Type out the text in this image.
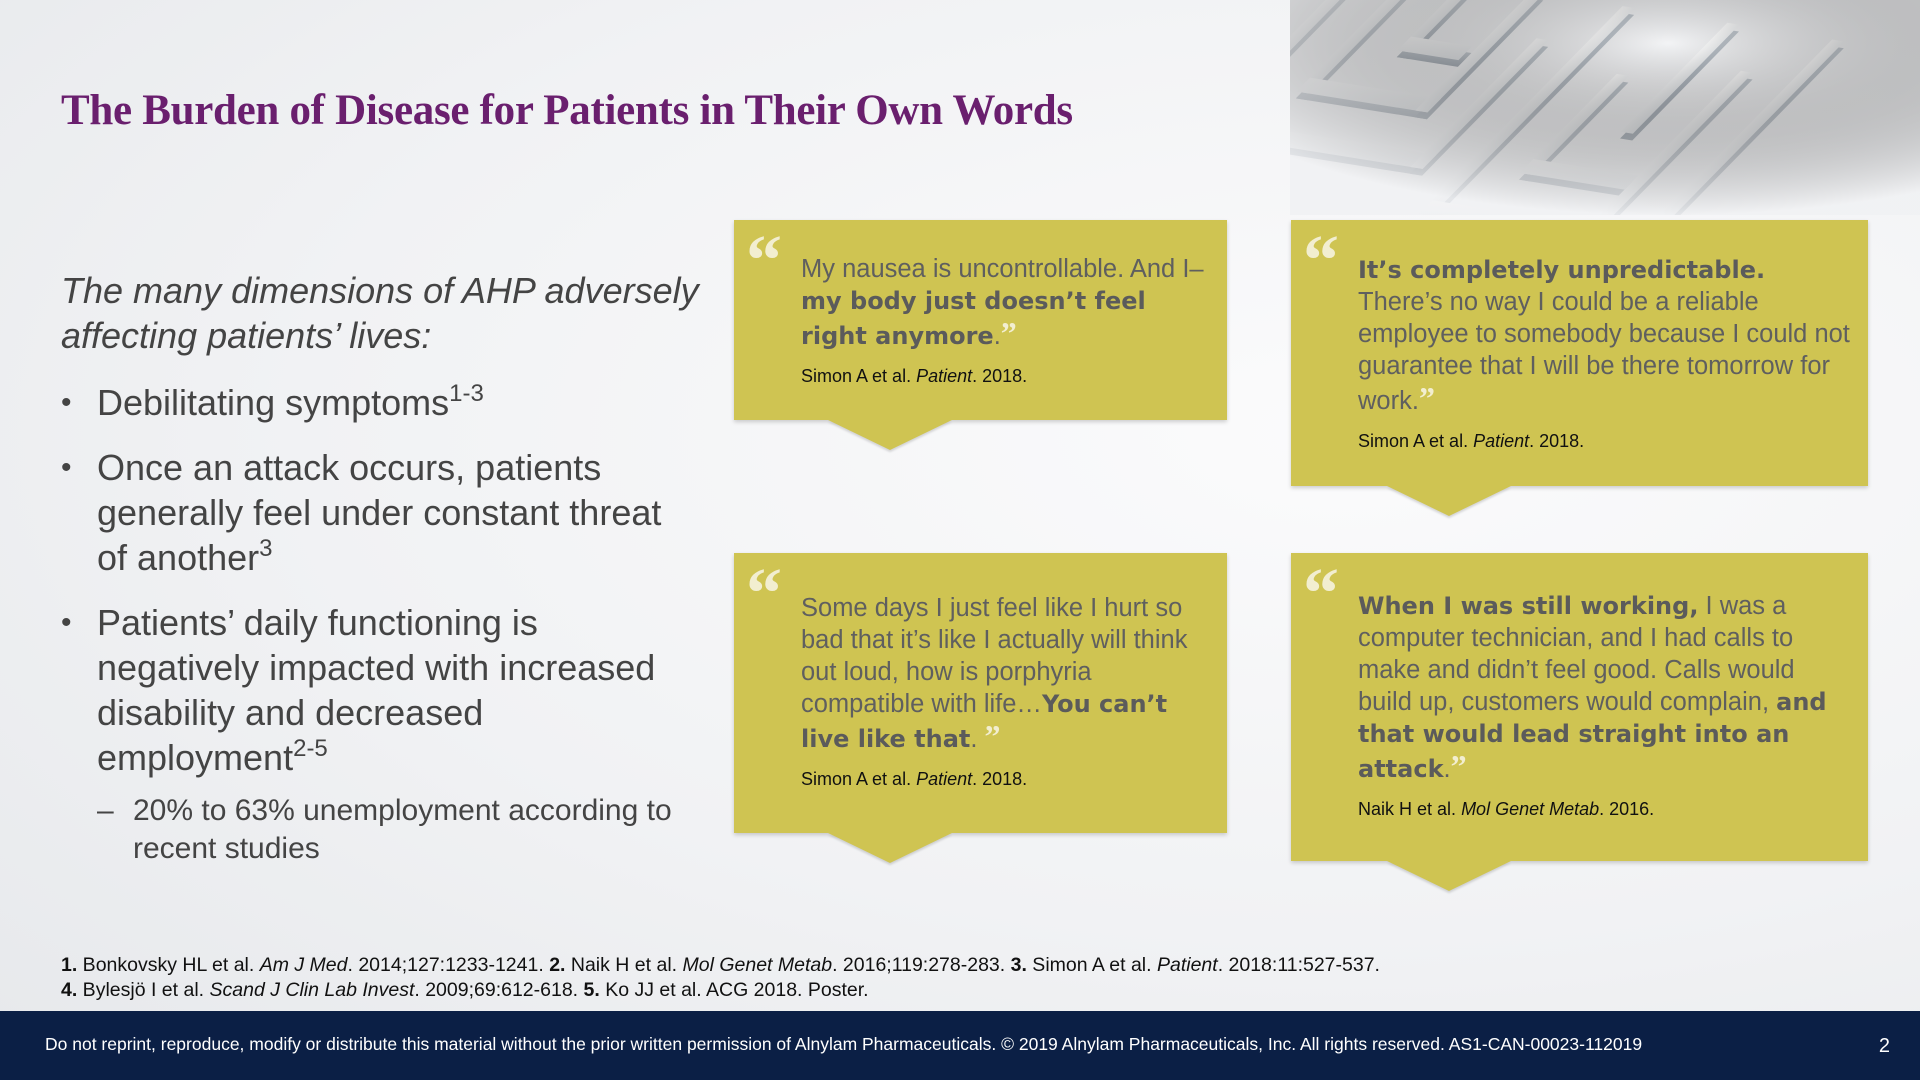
The Burden of Disease for Patients in Their Own Words

The many dimensions of AHP adversely affecting patients’ lives:

• Debilitating symptoms$^{1-3}$
• Once an attack occurs, patients generally feel under constant threat of another$^3$
• Patients’ daily functioning is negatively impacted with increased disability and decreased employment$^{2-5}$
– 20% to 63% unemployment according to recent studies
“ My nausea is uncontrollable. And I–my body just doesn’t feel right anymore.”
Simon A et al. Patient. 2018.
“ It’s completely unpredictable. There’s no way I could be a reliable employee to somebody because I could not guarantee that I will be there tomorrow for work.”
Simon A et al. Patient. 2018.
“ Some days I just feel like I hurt so bad that it’s like I actually will think out loud, how is porphyria compatible with life…You can’t live like that. ”
Simon A et al. Patient. 2018.
“ When I was still working, I was a computer technician, and I had calls to make and didn’t feel good. Calls would build up, customers would complain, and that would lead straight into an attack.”
Naik H et al. Mol Genet Metab. 2016.
1. Bonkovsky HL et al. Am J Med. 2014;127:1233-1241. 2. Naik H et al. Mol Genet Metab. 2016;119:278-283. 3. Simon A et al. Patient. 2018:11:527-537.
4. Bylesjö I et al. Scand J Clin Lab Invest. 2009;69:612-618. 5. Ko JJ et al. ACG 2018. Poster.
Do not reprint, reproduce, modify or distribute this material without the prior written permission of Alnylam Pharmaceuticals. © 2019 Alnylam Pharmaceuticals, Inc. All rights reserved. AS1-CAN-00023-112019	2
